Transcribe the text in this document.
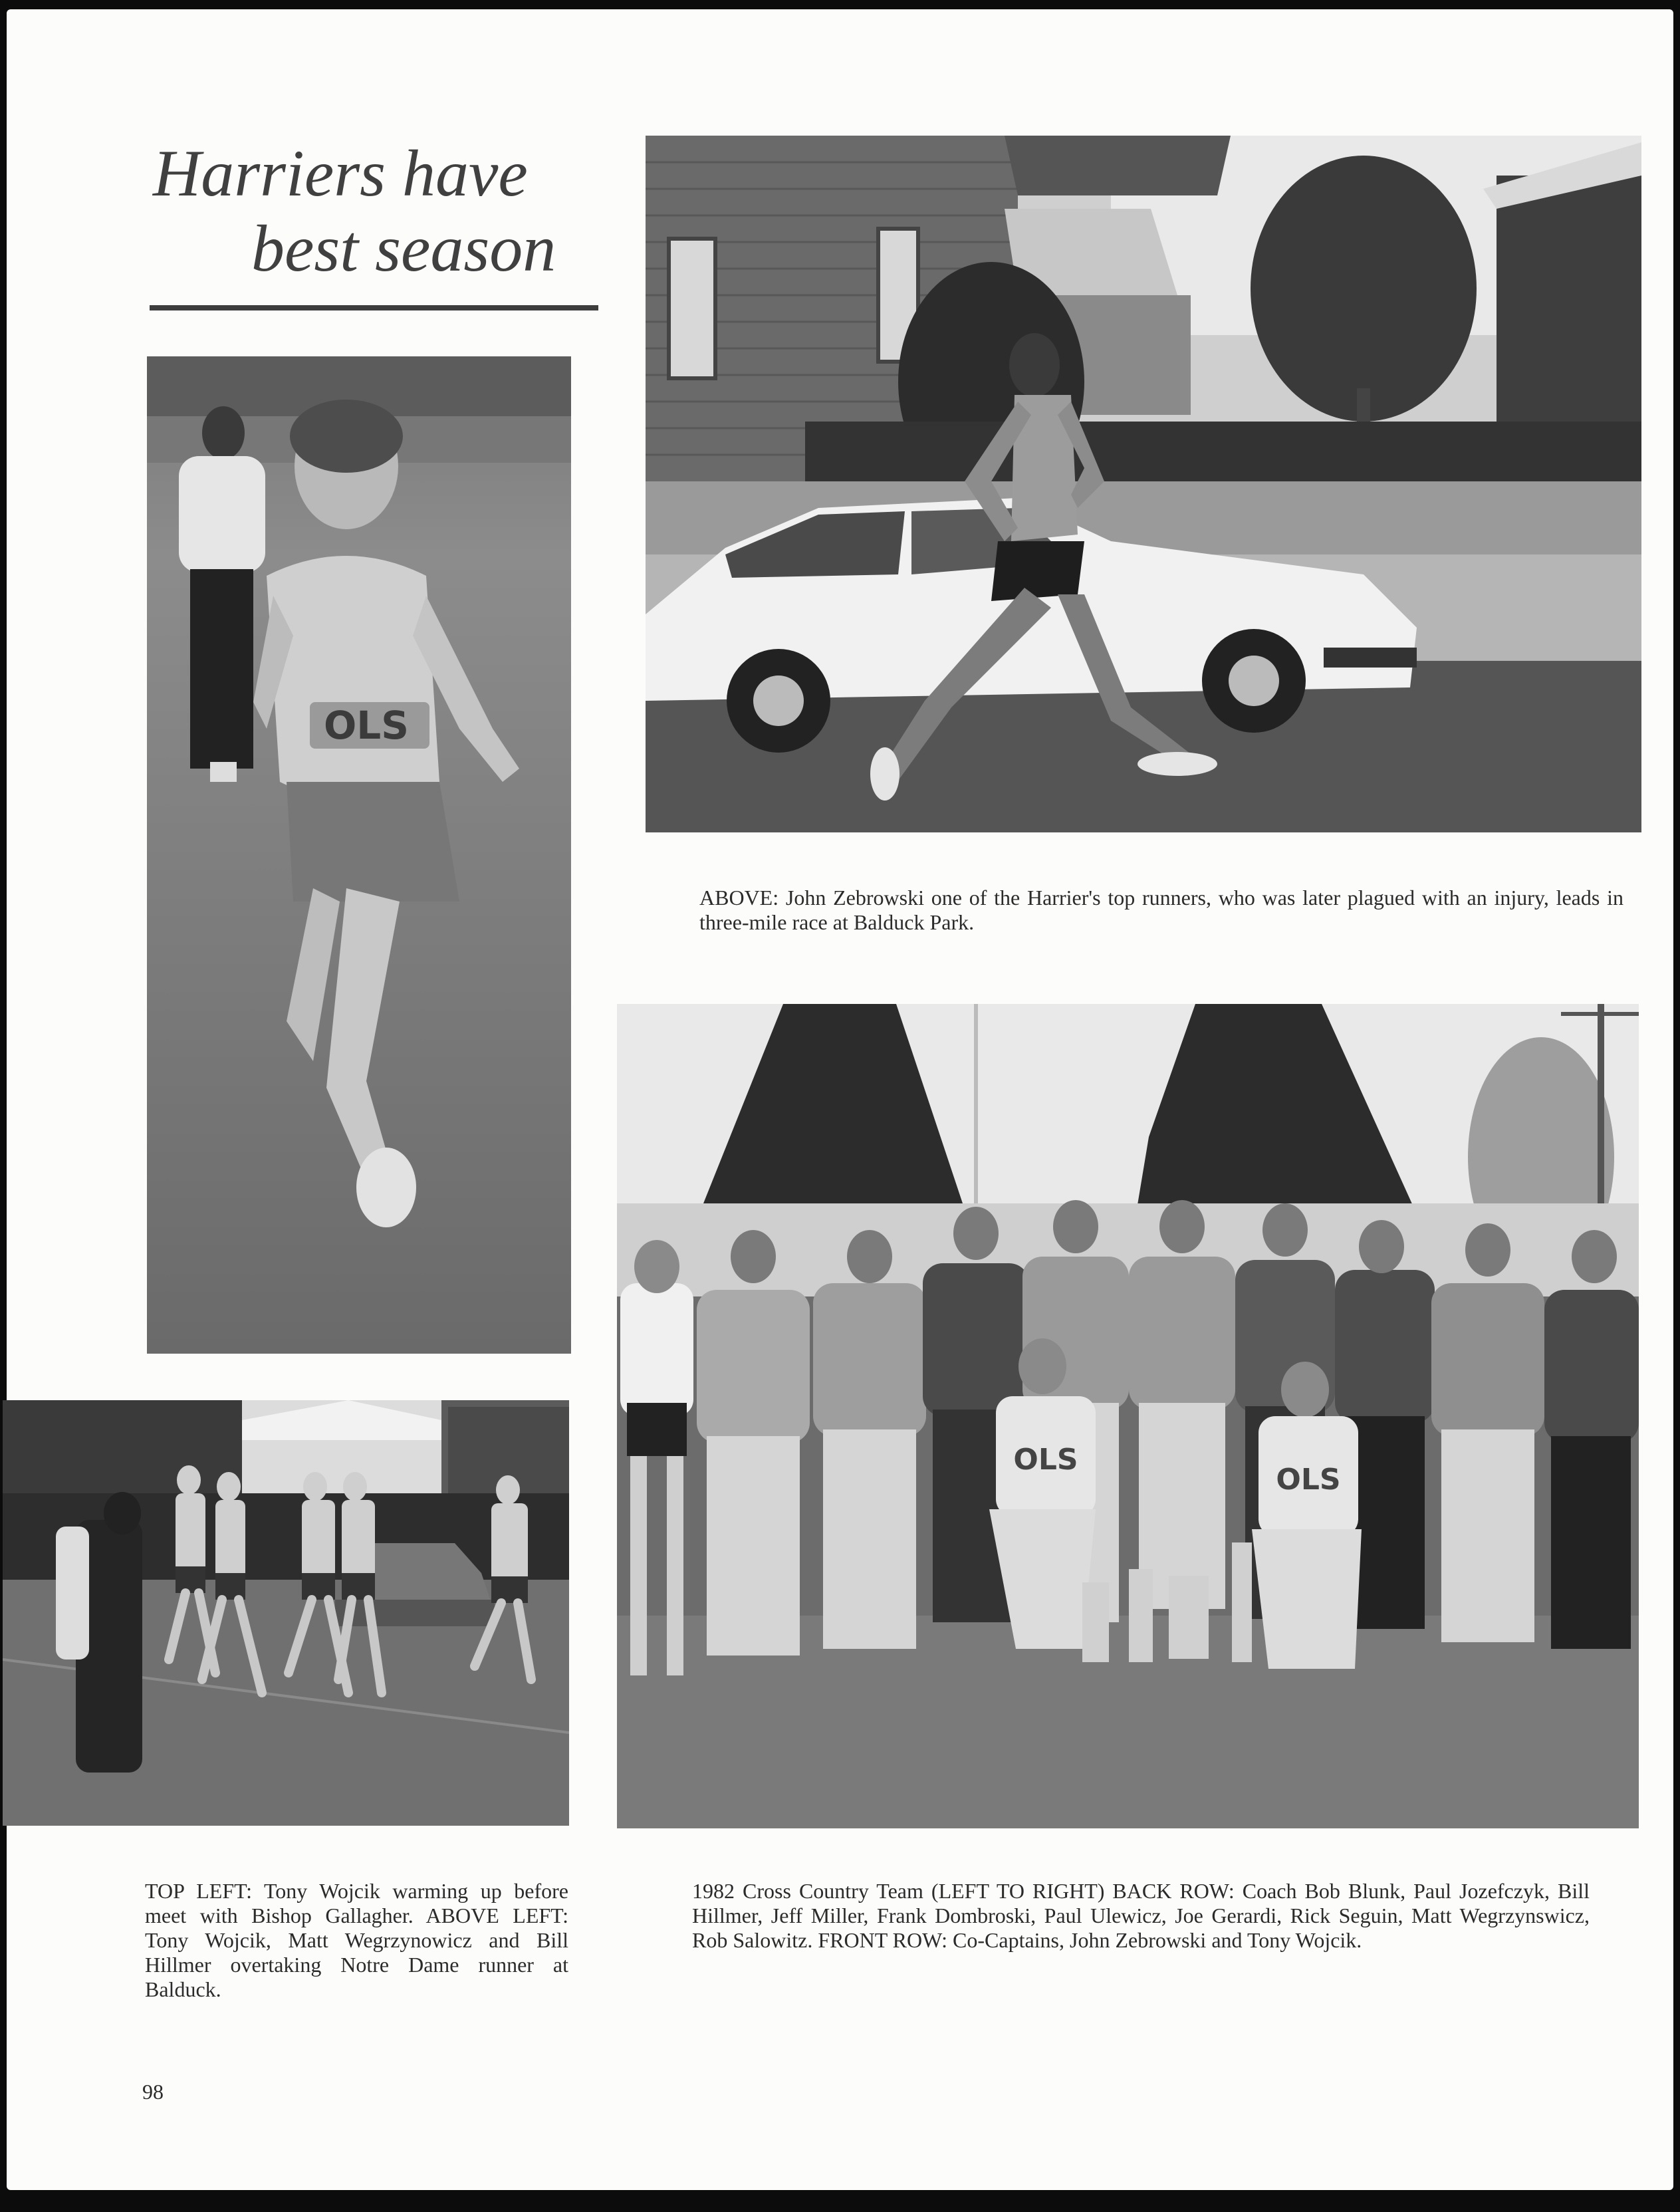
Harriers have
best season
OLS
OLS
OLS
ABOVE: John Zebrowski one of the Harrier's top runners, who was later plagued with an injury, leads in three-mile race at Balduck Park.
TOP LEFT: Tony Wojcik warming up before meet with Bishop Gallagher. ABOVE LEFT: Tony Wojcik, Matt Wegrzynowicz and Bill Hillmer overtaking Notre Dame runner at Balduck.
1982 Cross Country Team (LEFT TO RIGHT) BACK ROW: Coach Bob Blunk, Paul Jozefczyk, Bill Hillmer, Jeff Miller, Frank Dombroski, Paul Ulewicz, Joe Gerardi, Rick Seguin, Matt Wegrzynswicz, Rob Salowitz. FRONT ROW: Co-Captains, John Zebrowski and Tony Wojcik.
98
